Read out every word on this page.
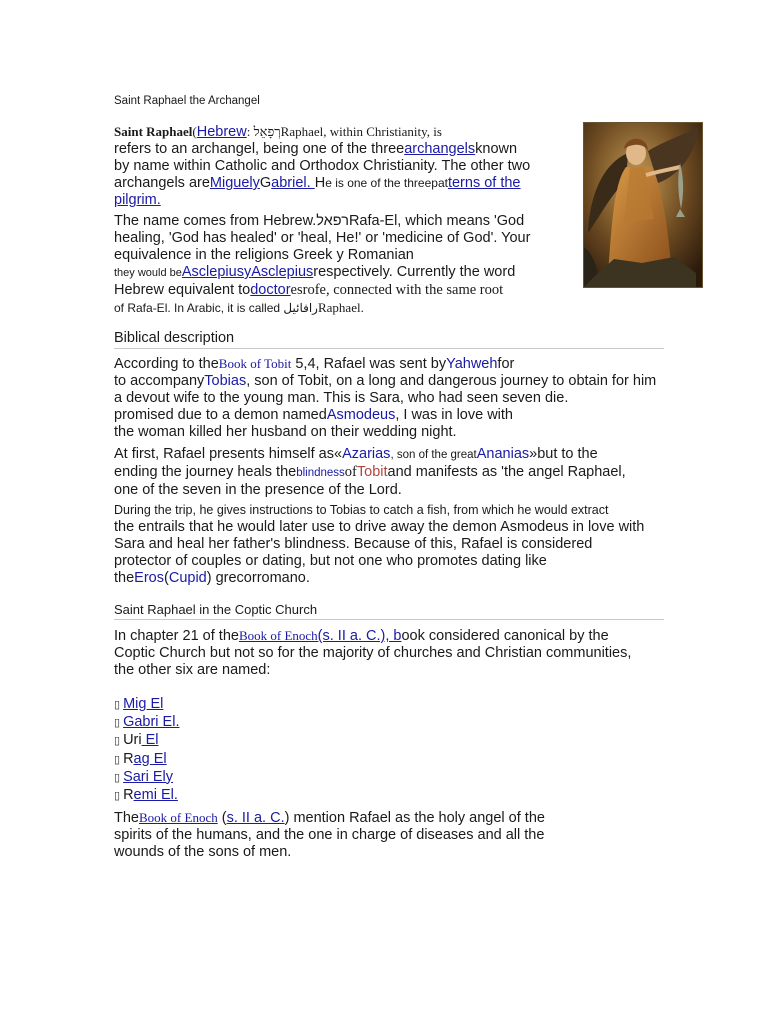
Saint Raphael the Archangel
Saint Raphael(Hebrew: רְפָאֵלRaphael, within Christianity, is
refers to an archangel, being one of the threearchangelsknown
by name within Catholic and Orthodox Christianity. The other two
archangels areMiguelyGabriel. He is one of the threepatterns of the
pilgrim.
The name comes from Hebrew.רפאלRafa-El, which means 'God
healing, 'God has healed' or 'heal, He!' or 'medicine of God'. Your
equivalence in the religions Greek y Romanian
they would beAsclepiusyAsclepiusrespectively. Currently the word
Hebrew equivalent todoctoresrofe, connected with the same root
of Rafa-El. In Arabic, it is called رافائيلRaphael.
Biblical description
According to theBook of Tobit 5,4, Rafael was sent byYahwehfor
to accompanyTobias, son of Tobit, on a long and dangerous journey to obtain for him
a devout wife to the young man. This is Sara, who had seen seven die.
promised due to a demon namedAsmodeus, I was in love with
the woman killed her husband on their wedding night.
At first, Rafael presents himself as«Azarias, son of the greatAnanias»but to the
ending the journey heals theblindnessofTobitand manifests as 'the angel Raphael,
one of the seven in the presence of the Lord.
During the trip, he gives instructions to Tobias to catch a fish, from which he would extract
the entrails that he would later use to drive away the demon Asmodeus in love with
Sara and heal her father's blindness. Because of this, Rafael is considered
protector of couples or dating, but not one who promotes dating like
theEros(Cupid) grecorromano.
Saint Raphael in the Coptic Church
In chapter 21 of theBook of Enoch(s. II a. C.), book considered canonical by the
Coptic Church but not so for the majority of churches and Christian communities,
the other six are named:
▯ Mig El
▯ Gabri El.
▯ Uri El
▯ Rag El
▯ Sari Ely
▯ Remi El.
TheBook of Enoch (s. II a. C.) mention Rafael as the holy angel of the
spirits of the humans, and the one in charge of diseases and all the
wounds of the sons of men.
